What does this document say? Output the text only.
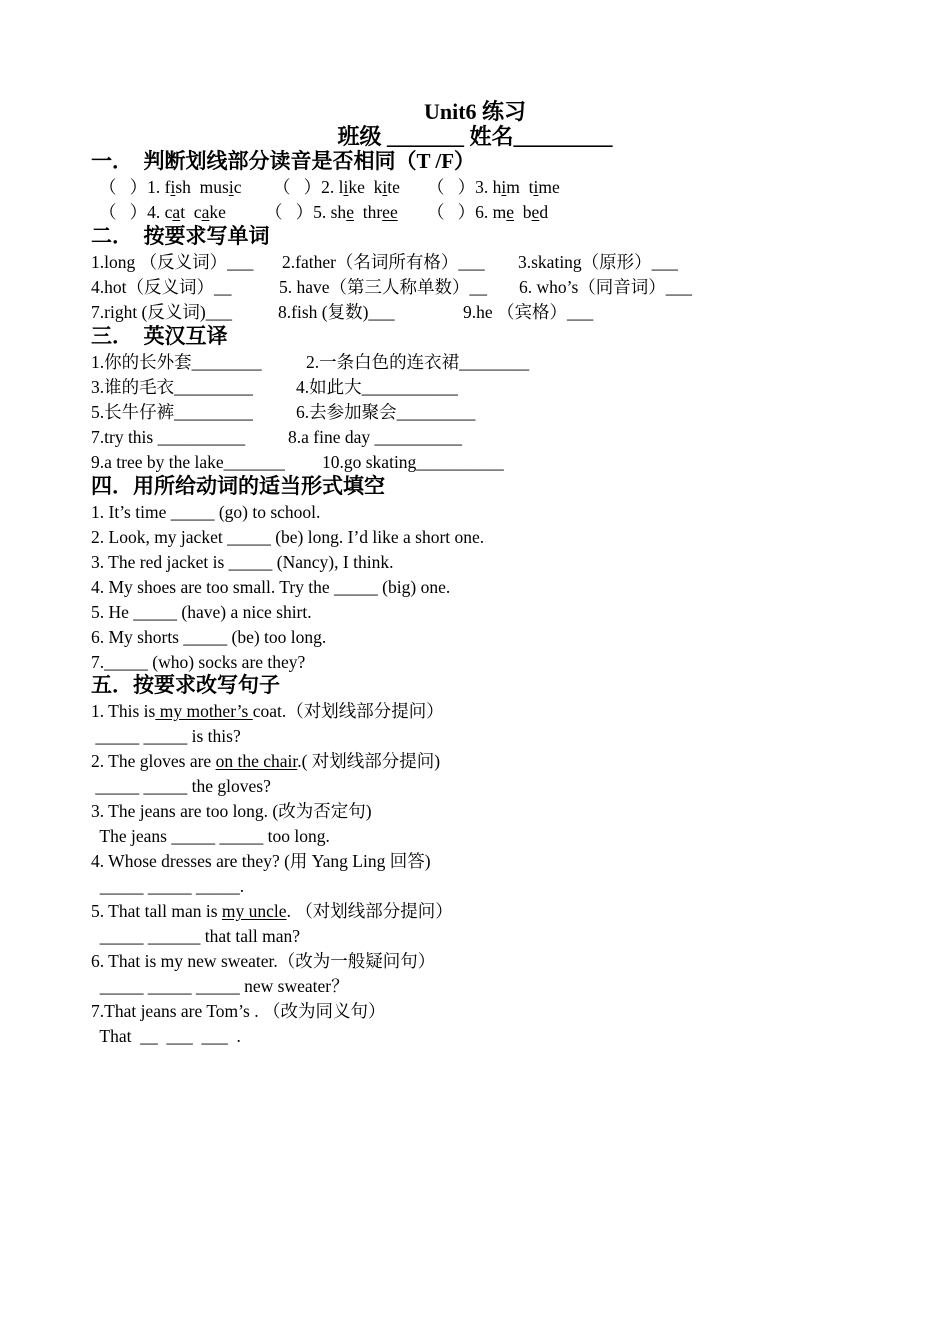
Unit6 练习
班级 _______ 姓名_________
一．  判断划线部分读音是否相同（T /F）

（   ）1. fish  music

（   ）2. like  kite

（   ）3. him  time

（   ）4. cat  cake

（   ）5. she  three

（   ）6. me  bed

二．  按要求写单词

1.long （反义词）___

2.father（名词所有格）___

3.skating（原形）___

4.hot（反义词）__

	5. have（第三人称单数）__

6. who’s（同音词）___

7.right (反义词)___

	8.fish (复数)___

	9.he （宾格）___

三．  英汉互译

1.你的长外套________

	2.一条白色的连衣裙________

3.谁的毛衣_________

4.如此大___________

5.长牛仔裤_________

6.去参加聚会_________

7.try this __________

8.a fine day __________

9.a tree by the lake_______

10.go skating__________

四．用所给动词的适当形式填空
1. It’s time _____ (go) to school.
2. Look, my jacket _____ (be) long. I’d like a short one.
3. The red jacket is _____ (Nancy), I think.
4. My shoes are too small. Try the _____ (big) one.
5. He _____ (have) a nice shirt.
6. My shorts _____ (be) too long.
7._____ (who) socks are they?
五．按要求改写句子
1. This is my mother’s coat.（对划线部分提问）
_____ _____ is this?
2. The gloves are on the chair.( 对划线部分提问)
_____ _____ the gloves?
3. The jeans are too long. (改为否定句)
The jeans _____ _____ too long.
4. Whose dresses are they? (用 Yang Ling 回答)
_____ _____ _____.
5. That tall man is my uncle. （对划线部分提问）
_____ ______ that tall man?
6. That is my new sweater.（改为一般疑问句）
_____ _____ _____ new sweater？
7.That jeans are Tom’s . （改为同义句）
That  __  ___  ___  .
